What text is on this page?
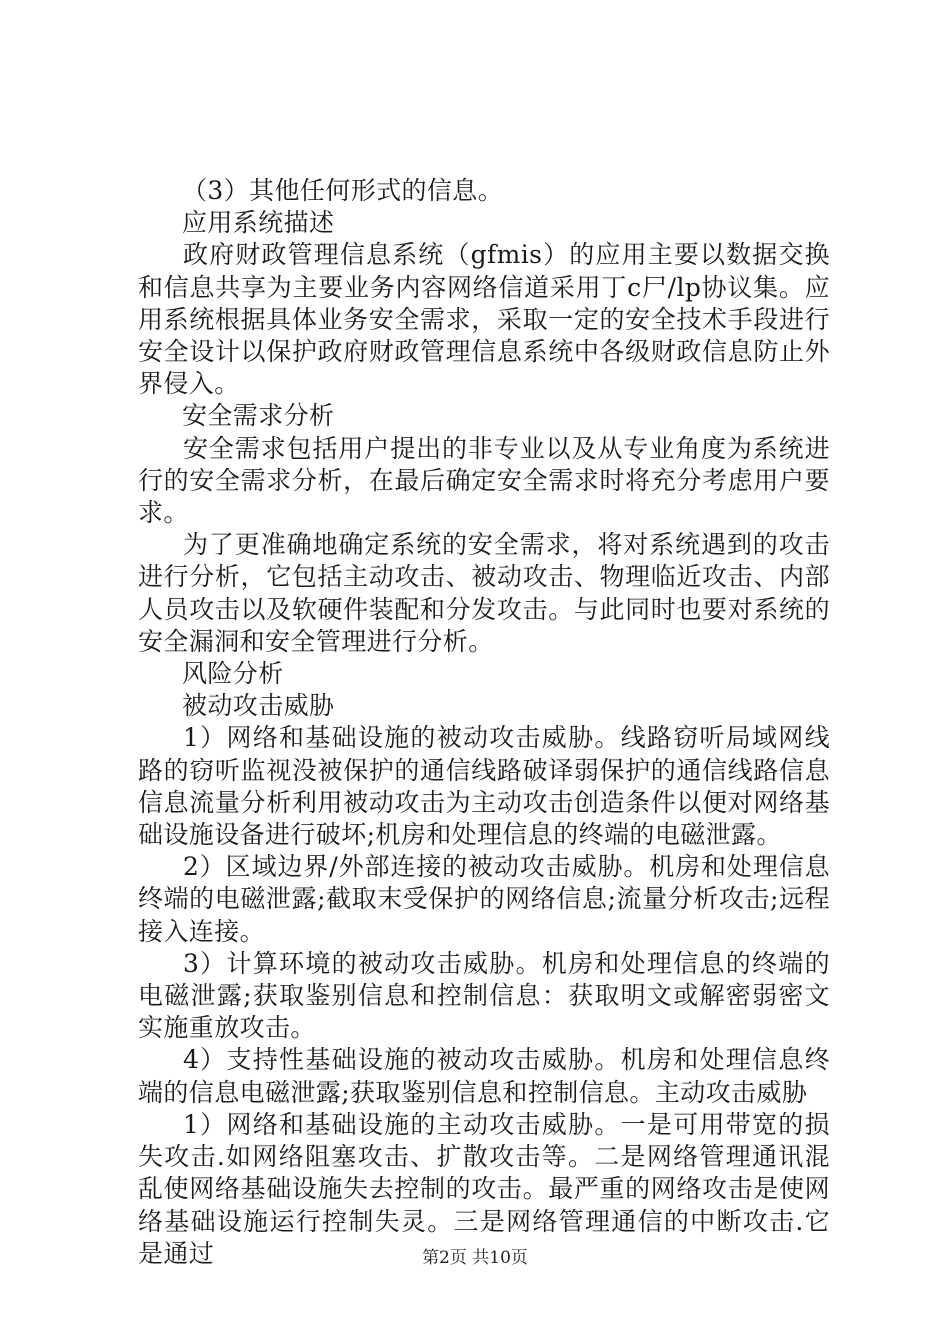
（3）其他任何形式的信息。

应用系统描述

政府财政管理信息系统（gfmis）的应用主要以数据交换和信息共享为主要业务内容网络信道采用丁c尸/lp协议集。应用系统根据具体业务安全需求，采取一定的安全技术手段进行安全设计以保护政府财政管理信息系统中各级财政信息防止外界侵入。

安全需求分析

安全需求包括用户提出的非专业以及从专业角度为系统进行的安全需求分析，在最后确定安全需求时将充分考虑用户要求。

为了更准确地确定系统的安全需求，将对系统遇到的攻击进行分析，它包括主动攻击、被动攻击、物理临近攻击、内部人员攻击以及软硬件装配和分发攻击。与此同时也要对系统的安全漏洞和安全管理进行分析。

风险分析

被动攻击威胁

1）网络和基础设施的被动攻击威胁。线路窃听局域网线路的窃听监视没被保护的通信线路破译弱保护的通信线路信息信息流量分析利用被动攻击为主动攻击创造条件以便对网络基础设施设备进行破坏;机房和处理信息的终端的电磁泄露。

2）区域边界/外部连接的被动攻击威胁。机房和处理信息终端的电磁泄露;截取末受保护的网络信息;流量分析攻击;远程接入连接。

3）计算环境的被动攻击威胁。机房和处理信息的终端的电磁泄露;获取鉴别信息和控制信息：获取明文或解密弱密文实施重放攻击。

4）支持性基础设施的被动攻击威胁。机房和处理信息终端的信息电磁泄露;获取鉴别信息和控制信息。主动攻击威胁

1）网络和基础设施的主动攻击威胁。一是可用带宽的损失攻击.如网络阻塞攻击、扩散攻击等。二是网络管理通讯混乱使网络基础设施失去控制的攻击。最严重的网络攻击是使网络基础设施运行控制失灵。三是网络管理通信的中断攻击.它是通过	第2页 共10页
